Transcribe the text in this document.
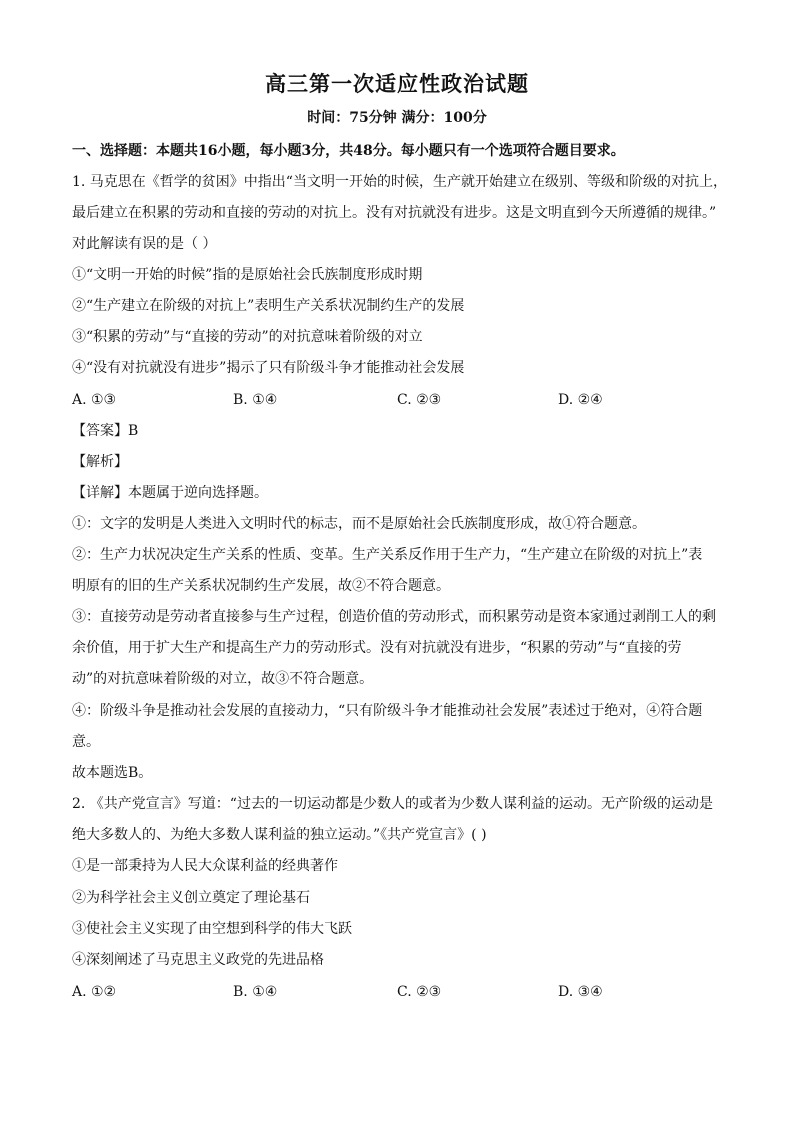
高三第一次适应性政治试题
时间：75分钟 满分：100分
一、选择题：本题共16小题，每小题3分，共48分。每小题只有一个选项符合题目要求。
1. 马克思在《哲学的贫困》中指出“当文明一开始的时候，生产就开始建立在级别、等级和阶级的对抗上，
最后建立在积累的劳动和直接的劳动的对抗上。没有对抗就没有进步。这是文明直到今天所遵循的规律。”
对此解读有误的是（ ）
①“文明一开始的时候”指的是原始社会氏族制度形成时期
②“生产建立在阶级的对抗上”表明生产关系状况制约生产的发展
③“积累的劳动”与“直接的劳动”的对抗意味着阶级的对立
④“没有对抗就没有进步”揭示了只有阶级斗争才能推动社会发展
A. ①③	B. ①④	C. ②③	D. ②④
【答案】B
【解析】
【详解】本题属于逆向选择题。
①：文字的发明是人类进入文明时代的标志，而不是原始社会氏族制度形成，故①符合题意。
②：生产力状况决定生产关系的性质、变革。生产关系反作用于生产力，“生产建立在阶级的对抗上”表
明原有的旧的生产关系状况制约生产发展，故②不符合题意。
③：直接劳动是劳动者直接参与生产过程，创造价值的劳动形式，而积累劳动是资本家通过剥削工人的剩
余价值，用于扩大生产和提高生产力的劳动形式。没有对抗就没有进步，“积累的劳动”与“直接的劳
动”的对抗意味着阶级的对立，故③不符合题意。
④：阶级斗争是推动社会发展的直接动力，“只有阶级斗争才能推动社会发展”表述过于绝对，④符合题
意。
故本题选B。
2. 《共产党宣言》写道：“过去的一切运动都是少数人的或者为少数人谋利益的运动。无产阶级的运动是
绝大多数人的、为绝大多数人谋利益的独立运动。”《共产党宣言》( )
①是一部秉持为人民大众谋利益的经典著作
②为科学社会主义创立奠定了理论基石
③使社会主义实现了由空想到科学的伟大飞跃
④深刻阐述了马克思主义政党的先进品格
A. ①②	B. ①④	C. ②③	D. ③④
